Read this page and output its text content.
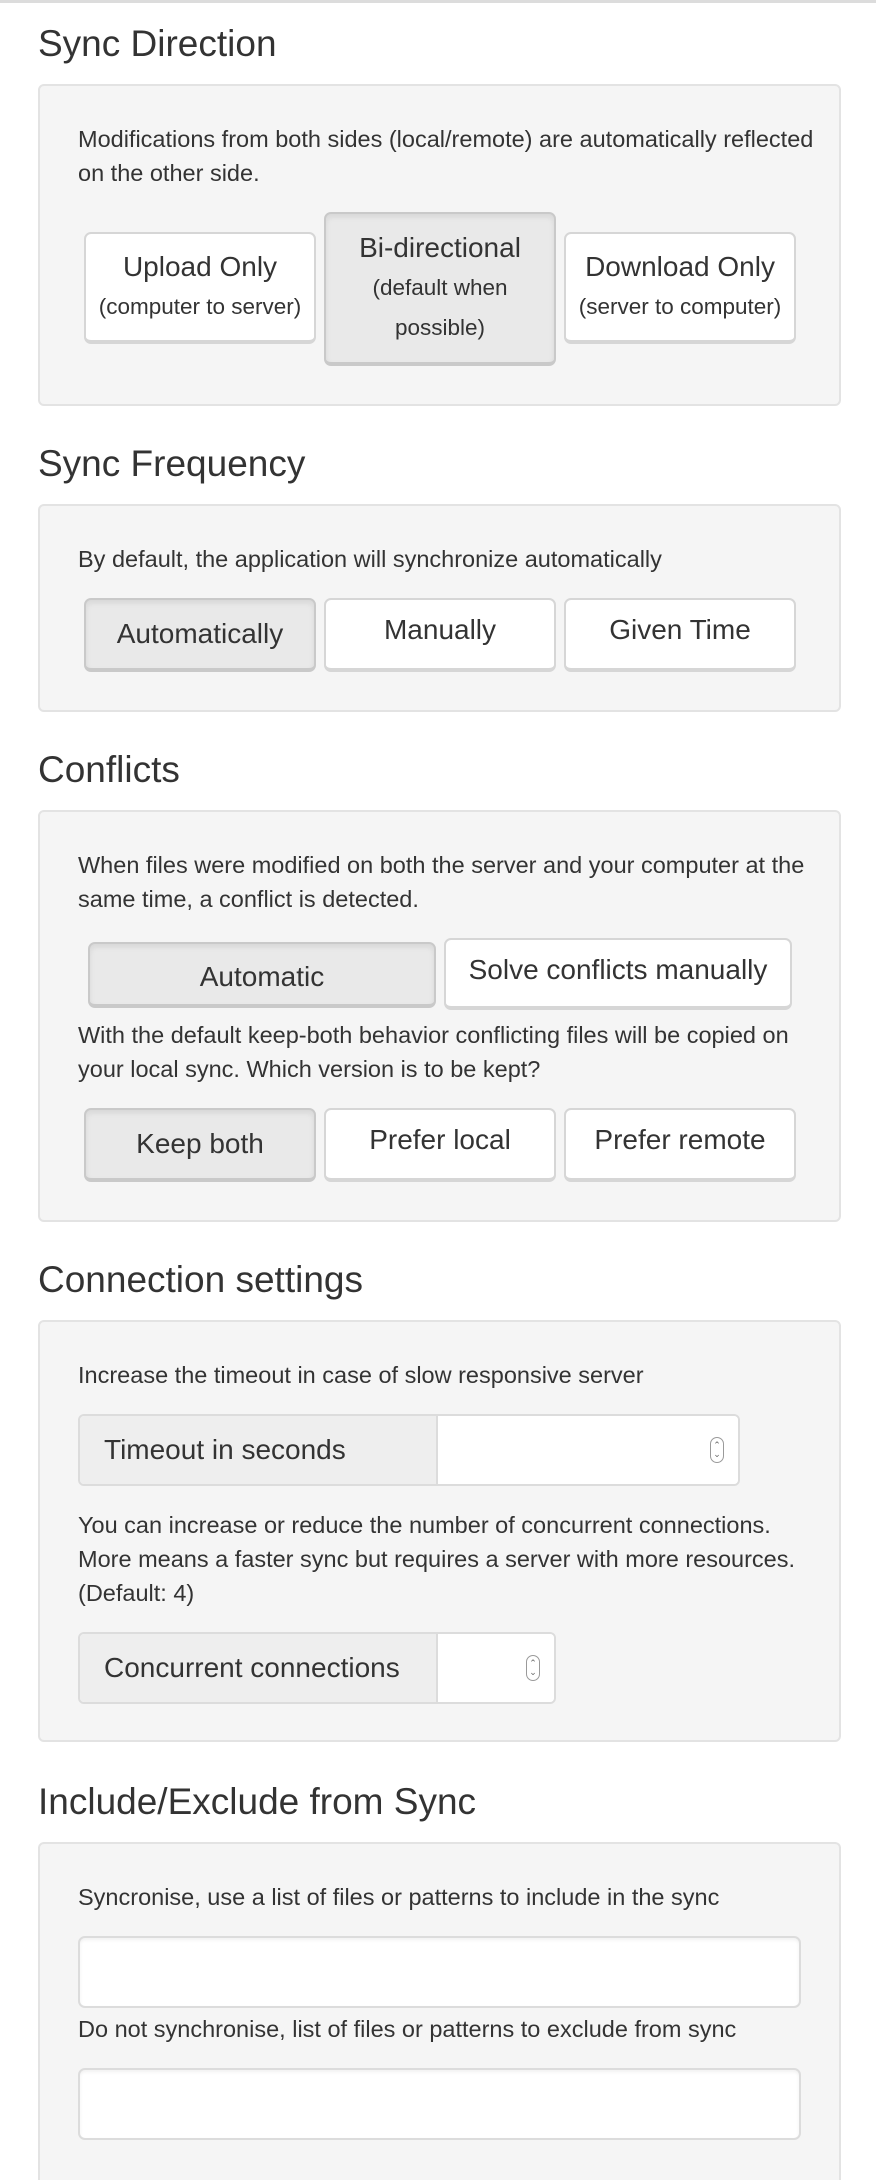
Sync Direction

Modifications from both sides (local/remote) are automatically reflected on the other side.

Upload Only
(computer to server)
Bi-directional
(default when possible)
Download Only
(server to computer)
Sync Frequency

By default, the application will synchronize automatically

Automatically	Manually	Given Time
Conflicts

When files were modified on both the server and your computer at the same time, a conflict is detected.

Automatic	Solve conflicts manually

With the default keep-both behavior conflicting files will be copied on your local sync. Which version is to be kept?

Keep both	Prefer local	Prefer remote
Connection settings

Increase the timeout in case of slow responsive server

Timeout in seconds	⌃
⌄

You can increase or reduce the number of concurrent connections. More means a faster sync but requires a server with more resources. (Default: 4)

Concurrent connections	⌃
⌄
Include/Exclude from Sync

Syncronise, use a list of files or patterns to include in the sync

Do not synchronise, list of files or patterns to exclude from sync
